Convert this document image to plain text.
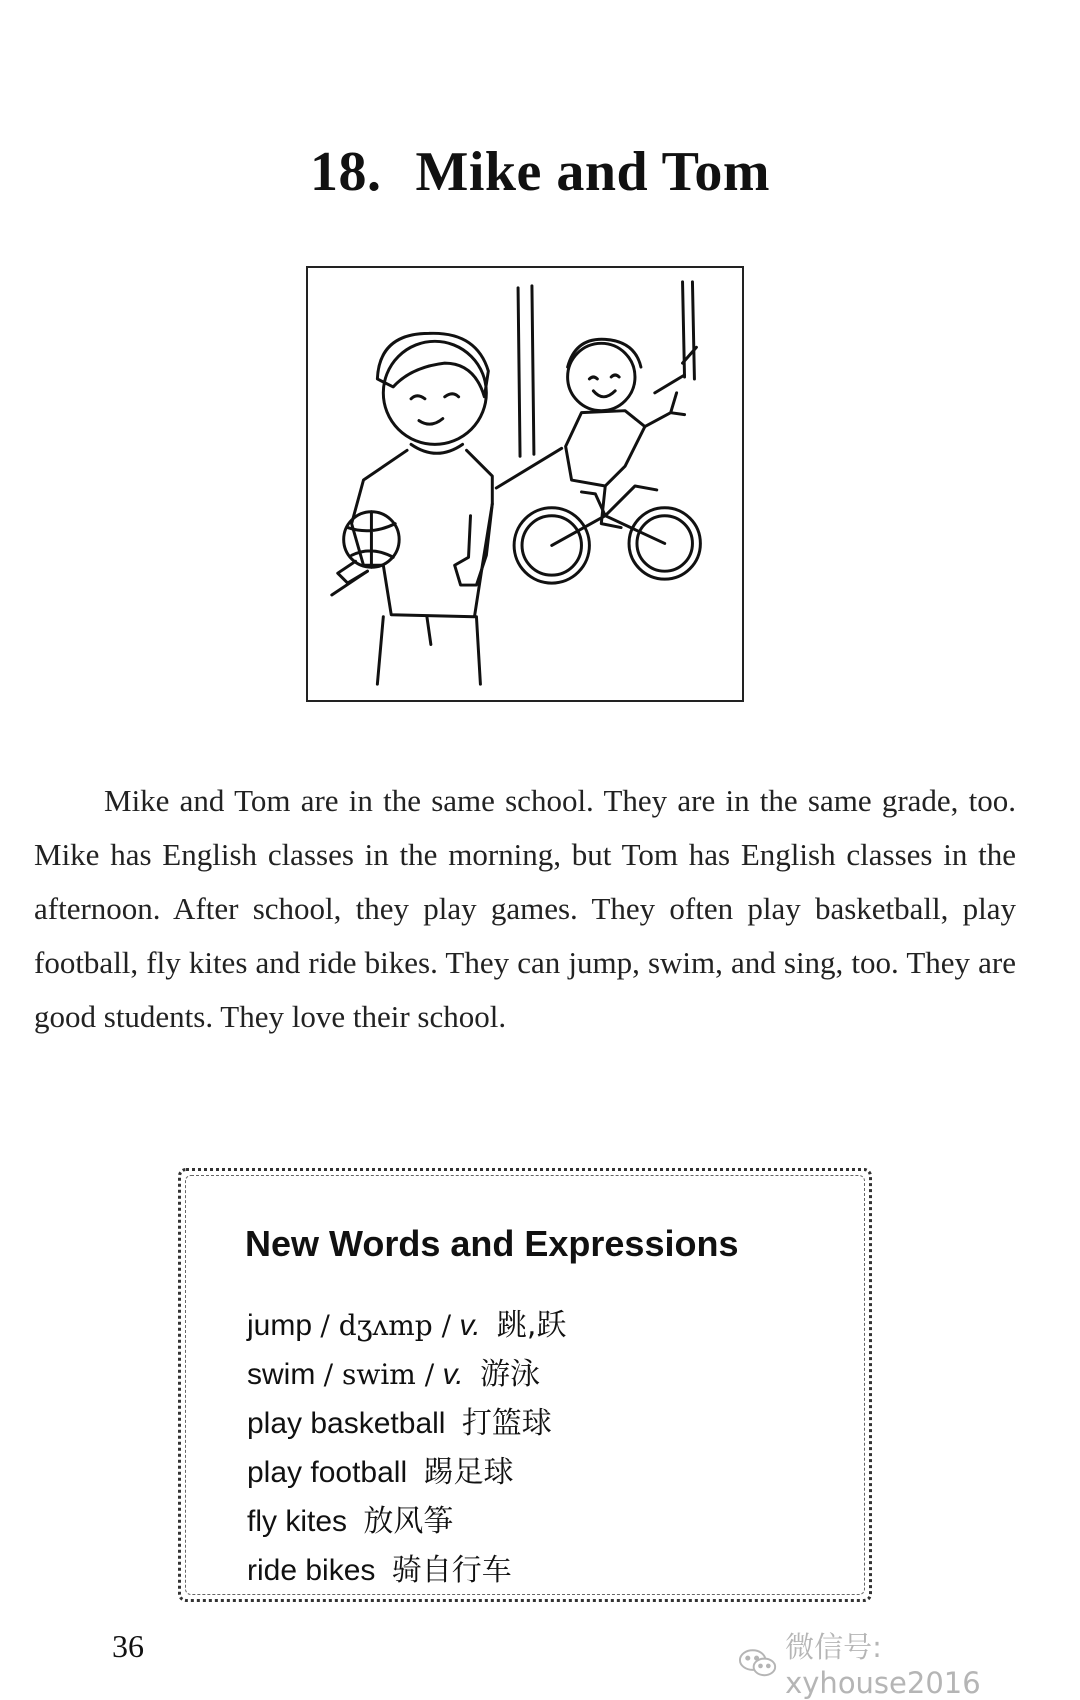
18. Mike and Tom
Mike and Tom are in the same school. They are in the same grade, too. Mike has English classes in the morning, but Tom has English classes in the afternoon. After school, they play games. They often play basketball, play football, fly kites and ride bikes. They can jump, swim, and sing, too. They are good students. They love their school.
New Words and Expressions
jump / dʒʌmp / v. 跳,跃
swim / swim / v. 游泳
play basketball 打篮球
play football 踢足球
fly kites 放风筝
ride bikes 骑自行车
36	微信号: xyhouse2016
